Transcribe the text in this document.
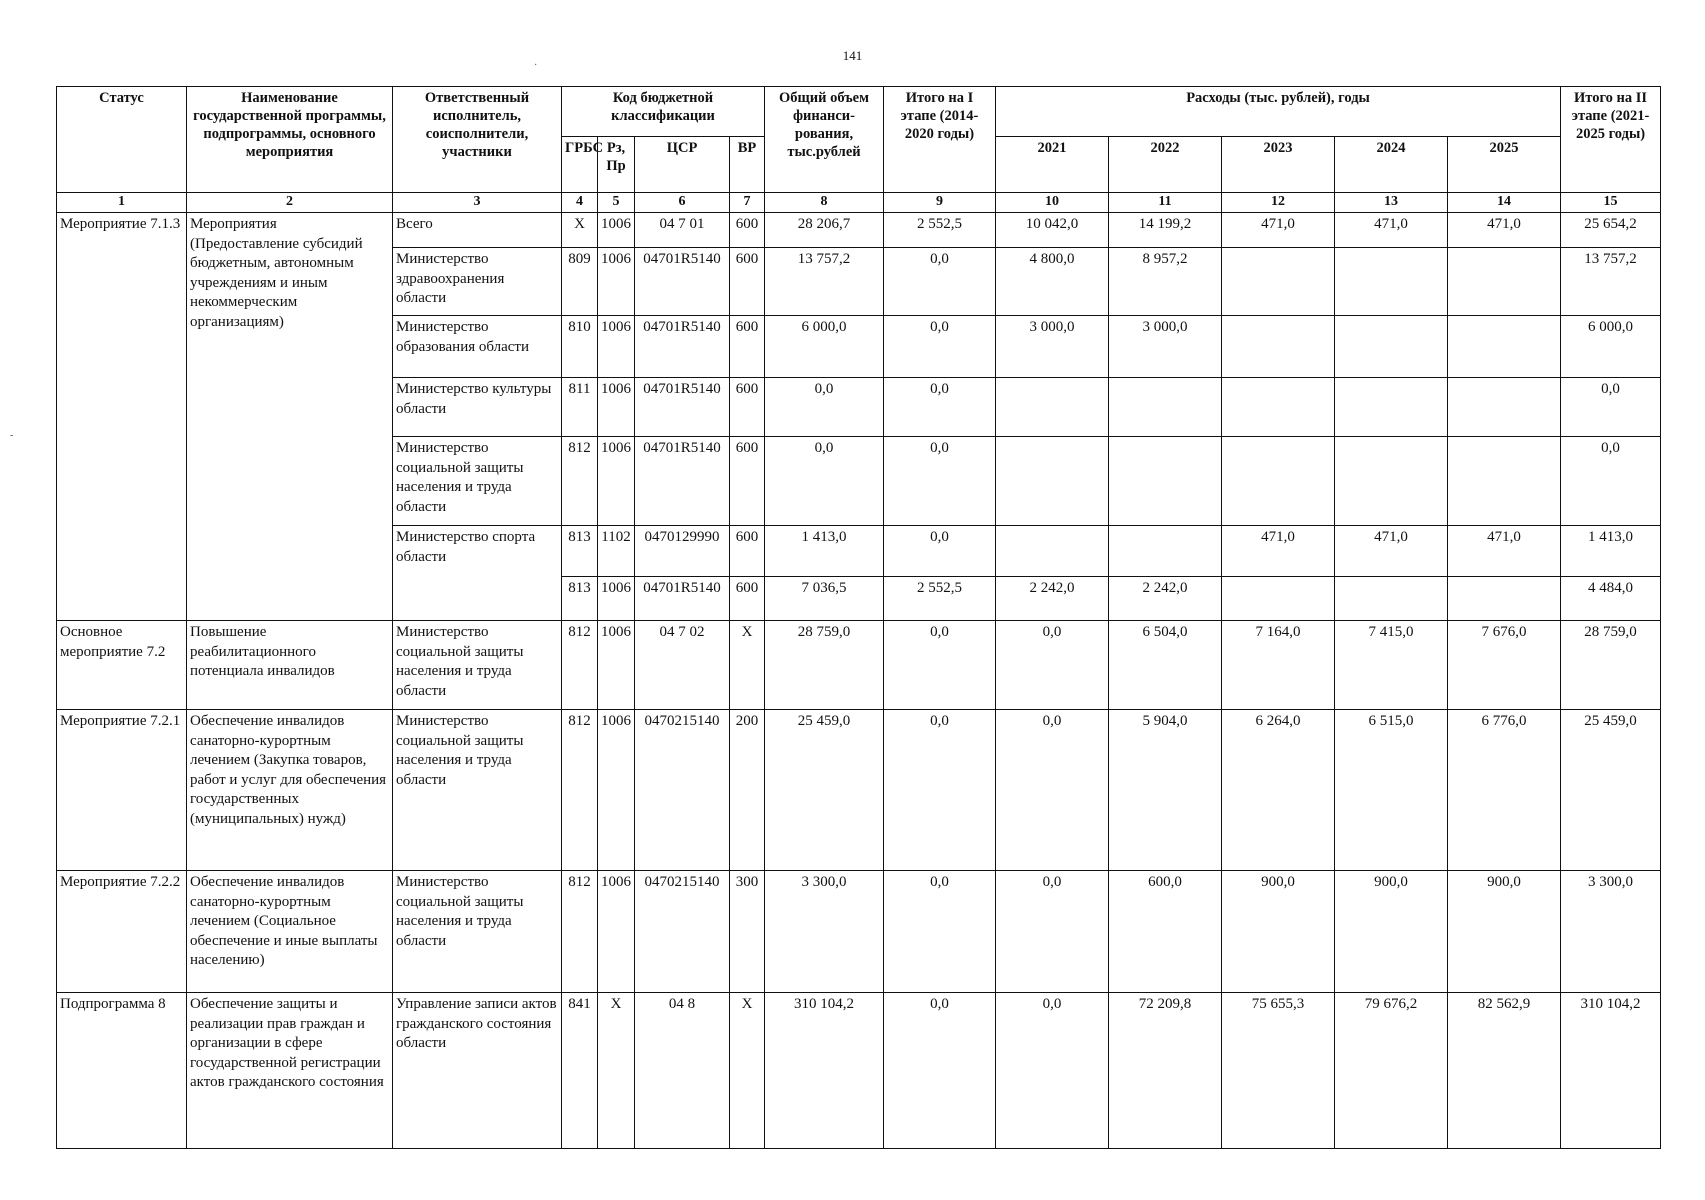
141
·
-
Статус	Наименование государственной программы, подпрограммы, основного мероприятия	Ответственный исполнитель, соисполнители, участники	Код бюджетной классификации				Общий объем финанси-рования, тыс.рублей	Итого на I этапе (2014-2020 годы)	Расходы (тыс. рублей), годы					Итого на II этапе (2021-2025 годы)
			ГРБС	Рз, Пр	ЦСР	ВР			2021	2022	2023	2024	2025	
1	2	3	4	5	6	7	8	9	10	11	12	13	14	15
Мероприятие 7.1.3	Мероприятия (Предоставление субсидий бюджетным, автономным учреждениям и иным некоммерческим организациям)	Всего	Х	1006	04 7 01	600	28 206,7	2 552,5	10 042,0	14 199,2	471,0	471,0	471,0	25 654,2
		Министерство здравоохранения области	809	1006	04701R5140	600	13 757,2	0,0	4 800,0	8 957,2				13 757,2
		Министерство образования области	810	1006	04701R5140	600	6 000,0	0,0	3 000,0	3 000,0				6 000,0
		Министерство культуры области	811	1006	04701R5140	600	0,0	0,0						0,0
		Министерство социальной защиты населения и труда области	812	1006	04701R5140	600	0,0	0,0						0,0
		Министерство спорта области	813	1102	0470129990	600	1 413,0	0,0			471,0	471,0	471,0	1 413,0
			813	1006	04701R5140	600	7 036,5	2 552,5	2 242,0	2 242,0				4 484,0
Основное мероприятие 7.2	Повышение реабилитационного потенциала инвалидов	Министерство социальной защиты населения и труда области	812	1006	04 7 02	Х	28 759,0	0,0	0,0	6 504,0	7 164,0	7 415,0	7 676,0	28 759,0
Мероприятие 7.2.1	Обеспечение инвалидов санаторно-курортным лечением (Закупка товаров, работ и услуг для обеспечения государственных (муниципальных) нужд)	Министерство социальной защиты населения и труда области	812	1006	0470215140	200	25 459,0	0,0	0,0	5 904,0	6 264,0	6 515,0	6 776,0	25 459,0
Мероприятие 7.2.2	Обеспечение инвалидов санаторно-курортным лечением (Социальное обеспечение и иные выплаты населению)	Министерство социальной защиты населения и труда области	812	1006	0470215140	300	3 300,0	0,0	0,0	600,0	900,0	900,0	900,0	3 300,0
Подпрограмма 8	Обеспечение защиты и реализации прав граждан и организации в сфере государственной регистрации актов гражданского состояния	Управление записи актов гражданского состояния области	841	Х	04 8	Х	310 104,2	0,0	0,0	72 209,8	75 655,3	79 676,2	82 562,9	310 104,2
